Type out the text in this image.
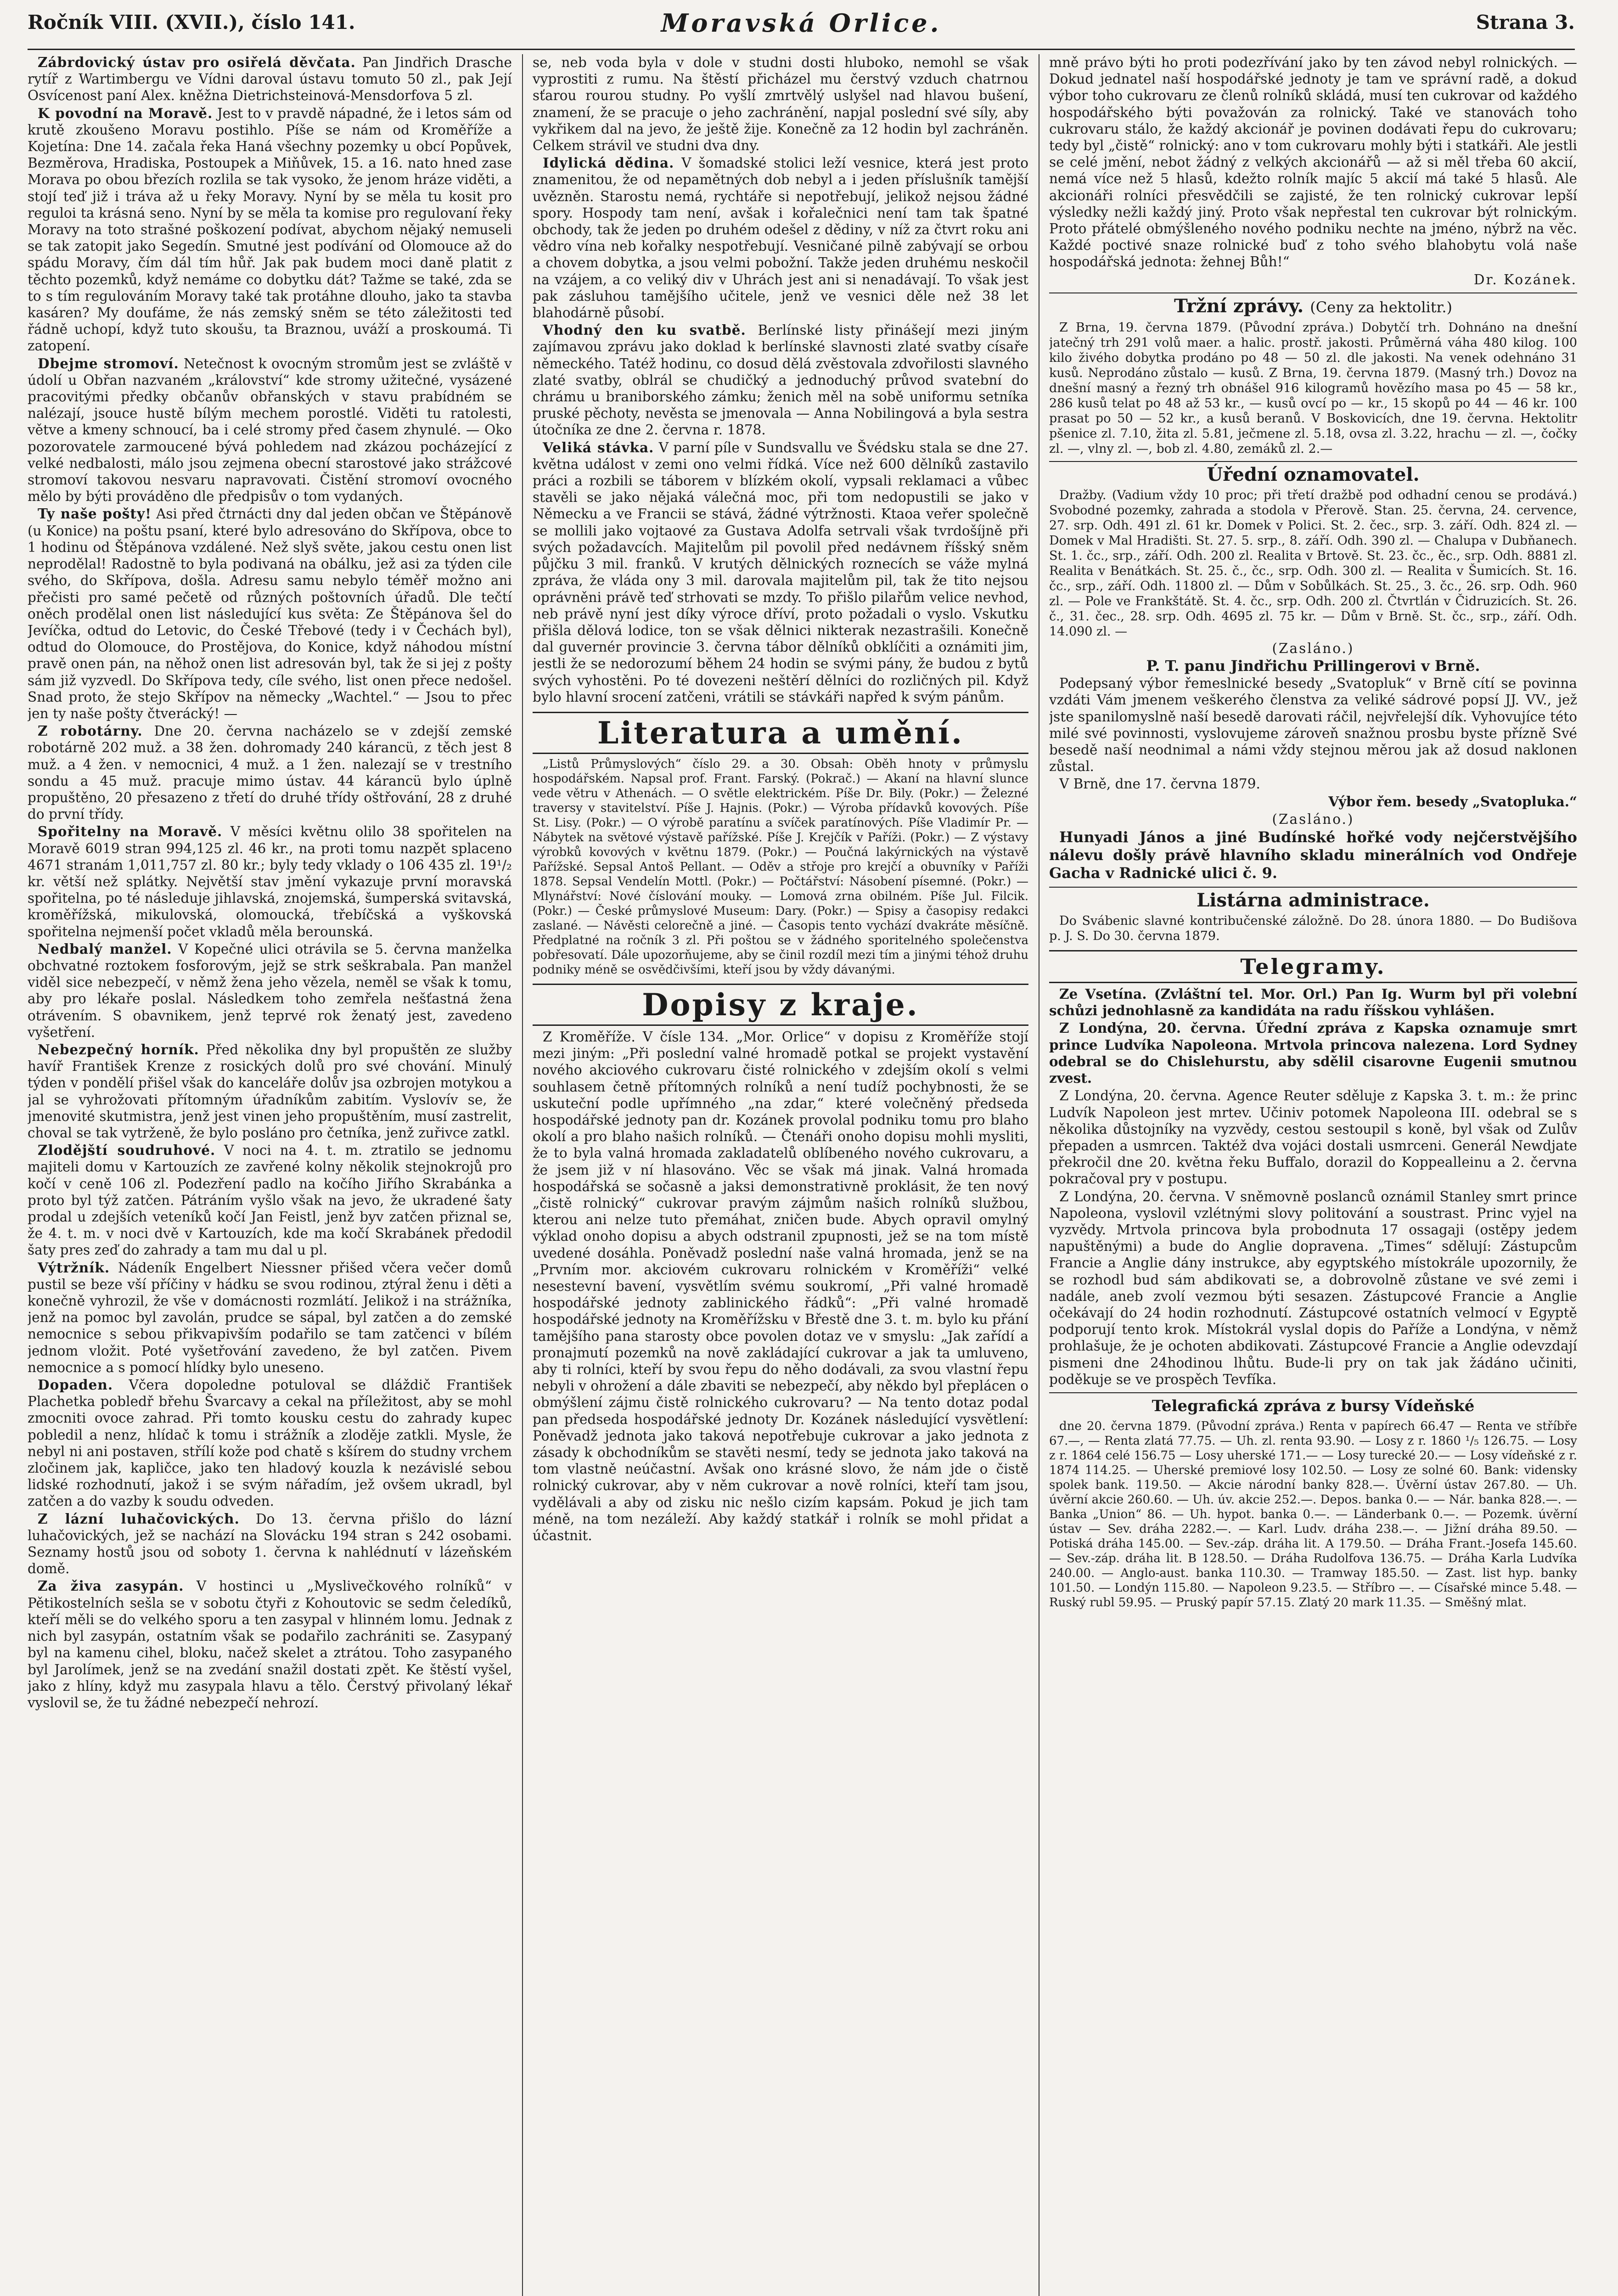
Ročník VIII. (XVII.), číslo 141.	Moravská Orlice.	Strana 3.

Zábrdovický ústav pro osiřelá děvčata. Pan Jindřich Drasche rytíř z Wartimbergu ve Vídni daroval ústavu tomuto 50 zl., pak Její Osvícenost paní Alex. kněžna Dietrichsteinová-Mensdorfova 5 zl.

K povodní na Moravě. Jest to v pravdě nápadné, že i letos sám od krutě zkoušeno Moravu postihlo. Píše se nám od Kroměříže a Kojetína: Dne 14. začala řeka Haná všechny pozemky u obcí Popůvek, Bezměrova, Hradiska, Postoupek a Miňůvek, 15. a 16. nato hned zase Morava po obou březích rozlila se tak vysoko, že jenom hráze viděti, a stojí teď již i tráva až u řeky Moravy. Nyní by se měla tu kosit pro reguloi ta krásná seno. Nyní by se měla ta komise pro regulovaní řeky Moravy na toto strašné poškození podívat, abychom nějaký nemuseli se tak zatopit jako Segedín. Smutné jest podívání od Olomouce až do spádu Moravy, čím dál tím hůř. Jak pak budem moci daně platit z těchto pozemků, když nemáme co dobytku dát? Tažme se také, zda se to s tím regulováním Moravy také tak protáhne dlouho, jako ta stavba kasáren? My doufáme, že nás zemský sněm se této záležitosti teď řádně uchopí, když tuto skoušu, ta Braznou, uváží a proskoumá. Ti zatopení.

Dbejme stromoví. Netečnost k ovocným stromům jest se zvláště v údolí u Obřan nazvaném „království“ kde stromy užitečné, vysázené pracovitými předky občanův obřanských v stavu prabídném se nalézají, jsouce hustě bílým mechem porostlé. Viděti tu ratolesti, větve a kmeny schnoucí, ba i celé stromy před časem zhynulé. — Oko pozorovatele zarmoucené bývá pohledem nad zkázou pocházející z velké nedbalosti, málo jsou zejmena obecní starostové jako strážcové stromoví takovou nesvaru napravovati. Čistění stromoví ovocného mělo by býti prováděno dle předpisův o tom vydaných.

Ty naše pošty! Asi před čtrnácti dny dal jeden občan ve Štěpánově (u Konice) na poštu psaní, které bylo adresováno do Skřípova, obce to 1 hodinu od Štěpánova vzdálené. Než slyš světe, jakou cestu onen list neprodělal! Radostně to byla podivaná na obálku, jež asi za týden cile svého, do Skřípova, došla. Adresu samu nebylo téměř možno ani přečisti pro samé pečetě od různých poštovních úřadů. Dle tečtí oněch prodělal onen list následující kus světa: Ze Štěpánova šel do Jevíčka, odtud do Letovic, do České Třebové (tedy i v Čechách byl), odtud do Olomouce, do Prostějova, do Konice, když náhodou místní pravě onen pán, na něhož onen list adresován byl, tak že si jej z pošty sám již vyzvedl. Do Skřípova tedy, cíle svého, list onen přece nedošel. Snad proto, že stejo Skřípov na německy „Wachtel.“ — Jsou to přec jen ty naše pošty čtverácký! —

Z robotárny. Dne 20. června nacházelo se v zdejší zemské robotárně 202 muž. a 38 žen. dohromady 240 kárancü, z těch jest 8 muž. a 4 žen. v nemocnici, 4 muž. a 1 žen. nalezají se v trestního sondu a 45 muž. pracuje mimo ústav. 44 kárancü bylo úplně propuštěno, 20 přesazeno z třetí do druhé třídy oštřování, 28 z druhé do první třídy.

Spořitelny na Moravě. V měsíci květnu olilo 38 spořitelen na Moravě 6019 stran 994,125 zl. 46 kr., na proti tomu nazpět splaceno 4671 stranám 1,011,757 zl. 80 kr.; byly tedy vklady o 106 435 zl. 19¹/₂ kr. větší než splátky. Největší stav jmění vykazuje první moravská spořitelna, po té následuje jihlavská, znojemská, šumperská svitavská, kroměřížská, mikulovská, olomoucká, třebíčská a vyškovská spořitelna nejmenší počet vkladů měla berounská.

Nedbalý manžel. V Kopečné ulici otrávila se 5. června manželka obchvatné roztokem fosforovým, jejž se strk seškrabala. Pan manžel viděl sice nebezpečí, v němž žena jeho vězela, neměl se však k tomu, aby pro lékaře poslal. Následkem toho zemřela nešťastná žena otrávením. S obavnikem, jenž teprvé rok ženatý jest, zavedeno vyšetření.

Nebezpečný horník. Před několika dny byl propuštěn ze služby havíř František Krenze z rosických dolů pro své chování. Minulý týden v pondělí přišel však do kanceláře dolův jsa ozbrojen motykou a jal se vyhrožovati přítomným úřadníkům zabitím. Vyslovív se, že jmenovité skutmistra, jenž jest vinen jeho propuštěním, musí zastrelit, choval se tak vytrženě, že bylo posláno pro četníka, jenž zuřivce zatkl.

Zlodějští soudruhové. V noci na 4. t. m. ztratilo se jednomu majiteli domu v Kartouzích ze zavřené kolny několik stejnokrojů pro kočí v ceně 106 zl. Podezření padlo na kočího Jiřího Skrabánka a proto byl týž zatčen. Pátráním vyšlo však na jevo, že ukradené šaty prodal u zdejších veteníků kočí Jan Feistl, jenž byv zatčen přiznal se, že 4. t. m. v noci dvě v Kartouzích, kde ma kočí Skrabánek předodil šaty pres zeď do zahrady a tam mu dal u pl.

Výtržník. Nádeník Engelbert Niessner přišed včera večer domů pustil se beze vší příčiny v hádku se svou rodinou, ztýral ženu i děti a konečně vyhrozil, že vše v domácnosti rozmlátí. Jelikož i na strážníka, jenž na pomoc byl zavolán, prudce se sápal, byl zatčen a do zemské nemocnice s sebou přikvapivším podařilo se tam zatčenci v bílém jednom vložit. Poté vyšetřování zavedeno, že byl zatčen. Pivem nemocnice a s pomocí hlídky bylo uneseno.

Dopaden. Včera dopoledne potuloval se dláždič František Plachetka pobledř břehu Švarcavy a cekal na příležitost, aby se mohl zmocniti ovoce zahrad. Při tomto kousku cestu do zahrady kupec pobledil a nenz, hlídač k tomu i strážník a zloděje zatkli. Mysle, že nebyl ni ani postaven, střílí kože pod chatě s kšírem do studny vrchem zločinem jak, kapličce, jako ten hladový kouzla k nezávislé sebou lidské rozhodnutí, jakož i se svým nářadím, jež ovšem ukradl, byl zatčen a do vazby k soudu odveden.

Z lázní luhačovických. Do 13. června přišlo do lázní luhačovických, jež se nachází na Slovácku 194 stran s 242 osobami. Seznamy hostů jsou od soboty 1. června k nahlédnutí v lázeňském domě.

Za živa zasypán. V hostinci u „Myslivečkového rolníků“ v Pětikostelních sešla se v sobotu čtyři z Kohoutovic se sedm čeledíků, kteří měli se do velkého sporu a ten zasypal v hlinném lomu. Jednak z nich byl zasypán, ostatním však se podařilo zachrániti se. Zasypaný byl na kamenu cihel, bloku, načež skelet a ztrátou. Toho zasypaného byl Jarolímek, jenž se na zvedání snažil dostati zpět. Ke štěstí vyšel, jako z hlíny, když mu zasypala hlavu a tělo. Čerstvý přivolaný lékař vyslovil se, že tu žádné nebezpečí nehrozí.

se, neb voda byla v dole v studni dosti hluboko, nemohl se však vyprostiti z rumu. Na štěstí přicházel mu čerstvý vzduch chatrnou sťarou rourou studny. Po vyšlí zmrtvělý uslyšel nad hlavou bušení, znamení, že se pracuje o jeho zachránění, napjal poslední své síly, aby vykřikem dal na jevo, že ještě žije. Konečně za 12 hodin byl zachráněn. Celkem strávil ve studni dva dny.

Idylická dědina. V šomadské stolici leží vesnice, která jest proto znamenitou, že od nepamětných dob nebyl a i jeden příslušník tamější uvězněn. Starostu nemá, rychtáře si nepotřebují, jelikož nejsou žádné spory. Hospody tam není, avšak i kořalečnici není tam tak špatné obchody, tak že jeden po druhém odešel z dědiny, v níž za čtvrt roku ani vědro vína neb kořalky nespotřebují. Vesničané pilně zabývají se orbou a chovem dobytka, a jsou velmi pobožní. Takže jeden druhému neskočil na vzájem, a co veliký div v Uhrách jest ani si nenadávají. To však jest pak zásluhou tamějšího učitele, jenž ve vesnici děle než 38 let blahodárně působí.

Vhodný den ku svatbě. Berlínské listy přinášejí mezi jiným zajímavou zprávu jako doklad k berlínské slavnosti zlaté svatby císaře německého. Tatéž hodinu, co dosud dělá zvěstovala zdvořilosti slavného zlaté svatby, oblrál se chudičký a jednoduchý průvod svatební do chrámu u braniborského zámku; ženich měl na sobě uniformu setníka pruské pěchoty, nevěsta se jmenovala — Anna Nobilingová a byla sestra útočníka ze dne 2. června r. 1878.

Veliká stávka. V parní píle v Sundsvallu ve Švédsku stala se dne 27. května událost v zemi ono velmi řídká. Více než 600 dělníků zastavilo práci a rozbili se táborem v blízkém okolí, vypsali reklamaci a vůbec stavěli se jako nějaká válečná moc, při tom nedopustili se jako v Německu a ve Francii se stává, žádné výtržnosti. Ktaoa veřer společně se mollili jako vojtaové za Gustava Adolfa setrvali však tvrdošíjně při svých požadavcích. Majitelům pil povolil před nedávnem říšský sněm půjčku 3 mil. franků. V krutých dělnických roznecích se váže mylná zpráva, že vláda ony 3 mil. darovala majitelům pil, tak že tito nejsou oprávněni právě teď strhovati se mzdy. To přišlo pilařům velice nevhod, neb právě nyní jest díky výroce dříví, proto požadali o vyslo. Vskutku přišla dělová lodice, ton se však dělnici nikterak nezastrašili. Konečně dal guvernér provincie 3. června tábor dělníků obklíčiti a oznámiti jim, jestli že se nedorozumí během 24 hodin se svými pány, že budou z bytů svých vyhostěni. Po té dovezeni neštěrí dělníci do rozličných pil. Když bylo hlavní srocení zatčeni, vrátili se stávkáři napřed k svým pánům.

Literatura a umění.

„Listů Průmyslových“ číslo 29. a 30. Obsah: Oběh hnoty v průmyslu hospodářském. Napsal prof. Frant. Farský. (Pokrač.) — Akaní na hlavní slunce vede větru v Athenách. — O světle elektrickém. Píše Dr. Bily. (Pokr.) — Železné traversy v stavitelství. Píše J. Hajnis. (Pokr.) — Výroba přídavků kovových. Píše St. Lisy. (Pokr.) — O výrobě paratínu a svíček paratínových. Píše Vladimír Pr. — Nábytek na světové výstavě pařížské. Píše J. Krejčík v Paříži. (Pokr.) — Z výstavy výrobků kovových v květnu 1879. (Pokr.) — Poučná lakýrnických na výstavě Pařížské. Sepsal Antoš Pellant. — Oděv a střoje pro krejčí a obuvníky v Paříži 1878. Sepsal Vendelín Mottl. (Pokr.) — Počtářství: Násobení písemné. (Pokr.) — Mlynářství: Nové číslování mouky. — Lomová zrna obilném. Píše Jul. Filcik. (Pokr.) — České průmyslové Museum: Dary. (Pokr.) — Spisy a časopisy redakci zaslané. — Návěsti celorečně a jiné. — Časopis tento vychází dvakráte měsíčně. Předplatné na ročník 3 zl. Při poštou se v žádného sporitelného společenstva pobřesovatí. Dále upozorňujeme, aby se činil rozdíl mezi tím a jinými téhož druhu podniky méně se osvědčivšími, kteří jsou by vždy dávanými.

Dopisy z kraje.

Z Kroměříže. V čísle 134. „Mor. Orlice“ v dopisu z Kroměříže stojí mezi jiným: „Při poslední valné hromadě potkal se projekt vystavění nového akciového cukrovaru čisté rolnického v zdejším okolí s velmi souhlasem četně přítomných rolníků a není tudíž pochybnosti, že se uskuteční podle upřímného „na zdar,“ které volečněný předseda hospodářské jednoty pan dr. Kozánek provolal podniku tomu pro blaho okolí a pro blaho našich rolníků. — Čtenáři onoho dopisu mohli mysliti, že to byla valná hromada zakladatelů oblíbeného nového cukrovaru, a že jsem již v ní hlasováno. Věc se však má jinak. Valná hromada hospodářská se sočasně a jaksi demonstrativně proklásit, že ten nový „čistě rolnický“ cukrovar pravým zájmům našich rolníků službou, kterou ani nelze tuto přemáhat, zničen bude. Abych opravil omylný výklad onoho dopisu a abych odstranil zpupnosti, jež se na tom místě uvedené dosáhla. Poněvadž poslední naše valná hromada, jenž se na „Prvním mor. akciovém cukrovaru rolnickém v Kroměříži“ velké nesestevní bavení, vysvětlím svému soukromí, „Při valné hromadě hospodářské jednoty zablinického řádků“: „Při valné hromadě hospodářské jednoty na Kroměřížsku v Břestě dne 3. t. m. bylo ku přání tamějšího pana starosty obce povolen dotaz ve v smyslu: „Jak zařídí a pronajmutí pozemků na nově zakládající cukrovar a jak ta umluveno, aby ti rolníci, kteří by svou řepu do něho dodávali, za svou vlastní řepu nebyli v ohrožení a dále zbaviti se nebezpečí, aby někdo byl přeplácen o obmýšlení zájmu čistě rolnického cukrovaru? — Na tento dotaz podal pan předseda hospodářské jednoty Dr. Kozánek následující vysvětlení: Poněvadž jednota jako taková nepotřebuje cukrovar a jako jednota z zásady k obchodníkům se stavěti nesmí, tedy se jednota jako taková na tom vlastně neúčastní. Avšak ono krásné slovo, že nám jde o čistě rolnický cukrovar, aby v něm cukrovar a nově rolníci, kteří tam jsou, vydělávali a aby od zisku nic nešlo cizím kapsám. Pokud je jich tam méně, na tom nezáleží. Aby každý statkář i rolník se mohl přidat a účastnit.

mně právo býti ho proti podezřívání jako by ten závod nebyl rolnických. — Dokud jednatel naší hospodářské jednoty je tam ve správní radě, a dokud výbor toho cukrovaru ze členů rolníků skládá, musí ten cukrovar od každého hospodářského býti považován za rolnický. Také ve stanovách toho cukrovaru stálo, že každý akcionář je povinen dodávati řepu do cukrovaru; tedy byl „čistě“ rolnický: ano v tom cukrovaru mohly býti i statkáři. Ale jestli se celé jmění, nebot žádný z velkých akcionářů — až si měl třeba 60 akcií, nemá více než 5 hlasů, kdežto rolník majíc 5 akcií má také 5 hlasů. Ale akcionáři rolníci přesvědčili se zajisté, že ten rolnický cukrovar lepší výsledky nežli každý jiný. Proto však nepřestal ten cukrovar být rolnickým. Proto přátelé obmýšleného nového podniku nechte na jméno, nýbrž na věc. Každé poctivé snaze rolnické buď z toho svého blahobytu volá naše hospodářská jednota: žehnej Bůh!“

Dr. Kozánek.

Tržní zprávy. (Ceny za hektolitr.)

Z Brna, 19. června 1879. (Původní zpráva.) Dobytčí trh. Dohnáno na dnešní jatečný trh 291 volů maer. a halic. prostř. jakosti. Průměrná váha 480 kilog. 100 kilo živého dobytka prodáno po 48 — 50 zl. dle jakosti. Na venek odehnáno 31 kusů. Neprodáno zůstalo — kusů. Z Brna, 19. června 1879. (Masný trh.) Dovoz na dnešní masný a řezný trh obnášel 916 kilogramů hovězího masa po 45 — 58 kr., 286 kusů telat po 48 až 53 kr., — kusů ovcí po — kr., 15 skopů po 44 — 46 kr. 100 prasat po 50 — 52 kr., a kusů beranů. V Boskovicích, dne 19. června. Hektolitr pšenice zl. 7.10, žita zl. 5.81, ječmene zl. 5.18, ovsa zl. 3.22, hrachu — zl. —, čočky zl. —, vlny zl. —, bob zl. 4.80, zemáků zl. 2.—

Úřední oznamovatel.

Dražby. (Vadium vždy 10 proc; při třetí dražbě pod odhadní cenou se prodává.) Svobodné pozemky, zahrada a stodola v Přerově. Stan. 25. června, 24. cervence, 27. srp. Odh. 491 zl. 61 kr. Domek v Polici. St. 2. čec., srp. 3. září. Odh. 824 zl. — Domek v Mal Hradišti. St. 27. 5. srp., 8. září. Odh. 390 zl. — Chalupa v Dubňanech. St. 1. čc., srp., září. Odh. 200 zl. Realita v Brtově. St. 23. čc., ěc., srp. Odh. 8881 zl. Realita v Benátkách. St. 25. č., čc., srp. Odh. 300 zl. — Realita v Šumicích. St. 16. čc., srp., září. Odh. 11800 zl. — Dům v Sobůlkách. St. 25., 3. čc., 26. srp. Odh. 960 zl. — Pole ve Frankštátě. St. 4. čc., srp. Odh. 200 zl. Čtvrtlán v Čidruzicích. St. 26. č., 31. čec., 28. srp. Odh. 4695 zl. 75 kr. — Dům v Brně. St. čc., srp., září. Odh. 14.090 zl. —

(Zasláno.)

P. T. panu Jindřichu Prillingerovi v Brně.

Podepsaný výbor řemeslnické besedy „Svatopluk“ v Brně cítí se povinna vzdáti Vám jmenem veškerého členstva za veliké sádrové popsí JJ. VV., jež jste spanilomyslně naší besedě darovati ráčil, nejvřelejší dík. Vyhovujíce této milé své povinnosti, vyslovujeme zároveň snažnou prosbu byste přízně Své besedě naší neodnimal a námi vždy stejnou měrou jak až dosud naklonen zůstal.

V Brně, dne 17. června 1879.

Výbor řem. besedy „Svatopluka.“

(Zasláno.)

Hunyadi János a jiné Budínské hořké vody nejčerstvějšího nálevu došly právě hlavního skladu minerálních vod Ondřeje Gacha v Radnické ulici č. 9.

Listárna administrace.

Do Svábenic slavné kontribučenské záložně. Do 28. února 1880. — Do Budišova p. J. S. Do 30. června 1879.

Telegramy.

Ze Vsetína. (Zvláštní tel. Mor. Orl.) Pan Ig. Wurm byl při volební schůzi jednohlasně za kandidáta na radu říšskou vyhlášen.

Z Londýna, 20. června. Úřední zpráva z Kapska oznamuje smrt prince Ludvíka Napoleona. Mrtvola princova nalezena. Lord Sydney odebral se do Chislehurstu, aby sdělil cisarovne Eugenii smutnou zvest.

Z Londýna, 20. června. Agence Reuter sděluje z Kapska 3. t. m.: že princ Ludvík Napoleon jest mrtev. Učiniv potomek Napoleona III. odebral se s několika důstojníky na vyzvědy, cestou sestoupil s koně, byl však od Zulův přepaden a usmrcen. Taktéž dva vojáci dostali usmrceni. Generál Newdjate překročil dne 20. května řeku Buffalo, dorazil do Koppealleinu a 2. června pokračoval pry v postupu.

Z Londýna, 20. června. V sněmovně poslanců oznámil Stanley smrt prince Napoleona, vyslovil vzlétnými slovy politování a soustrast. Princ vyjel na vyzvědy. Mrtvola princova byla probodnuta 17 ossagaji (ostěpy jedem napuštěnými) a bude do Anglie dopravena. „Times“ sdělují: Zástupcům Francie a Anglie dány instrukce, aby egyptského místokrále upozornily, že se rozhodl bud sám abdikovati se, a dobrovolně zůstane ve své zemi i nadále, aneb zvolí vezmou býti sesazen. Zástupcové Francie a Anglie očekávají do 24 hodin rozhodnutí. Zástupcové ostatních velmocí v Egyptě podporují tento krok. Místokrál vyslal dopis do Paříže a Londýna, v němž prohlašuje, že je ochoten abdikovati. Zástupcové Francie a Anglie odevzdají pismeni dne 24hodinou lhůtu. Bude-li pry on tak jak žádáno učiniti, poděkuje se ve prospěch Tevfíka.

Telegrafická zpráva z bursy Vídeňské

dne 20. června 1879. (Původní zpráva.) Renta v papírech 66.47 — Renta ve stříbře 67.—, — Renta zlatá 77.75. — Uh. zl. renta 93.90. — Losy z r. 1860 ¹/₅ 126.75. — Losy z r. 1864 celé 156.75 — Losy uherské 171.— — Losy turecké 20.— — Losy vídeňské z r. 1874 114.25. — Uherské premiové losy 102.50. — Losy ze solné 60. Bank: vidensky spolek bank. 119.50. — Akcie národní banky 828.—. Úvěrní ústav 267.80. — Uh. úvěrní akcie 260.60. — Uh. úv. akcie 252.—. Depos. banka 0.— — Nár. banka 828.—. — Banka „Union“ 86. — Uh. hypot. banka 0.—. — Länderbank 0.—. — Pozemk. úvěrní ústav — Sev. dráha 2282.—. — Karl. Ludv. dráha 238.—. — Jižní dráha 89.50. — Potiská dráha 145.00. — Sev.-záp. dráha lit. A 179.50. — Dráha Frant.-Josefa 145.60. — Sev.-záp. dráha lit. B 128.50. — Dráha Rudolfova 136.75. — Dráha Karla Ludvíka 240.00. — Anglo-aust. banka 110.30. — Tramway 185.50. — Zast. list hyp. banky 101.50. — Londýn 115.80. — Napoleon 9.23.5. — Stříbro —. — Císařské mince 5.48. — Ruský rubl 59.95. — Pruský papír 57.15. Zlatý 20 mark 11.35. — Směšný mlat.
